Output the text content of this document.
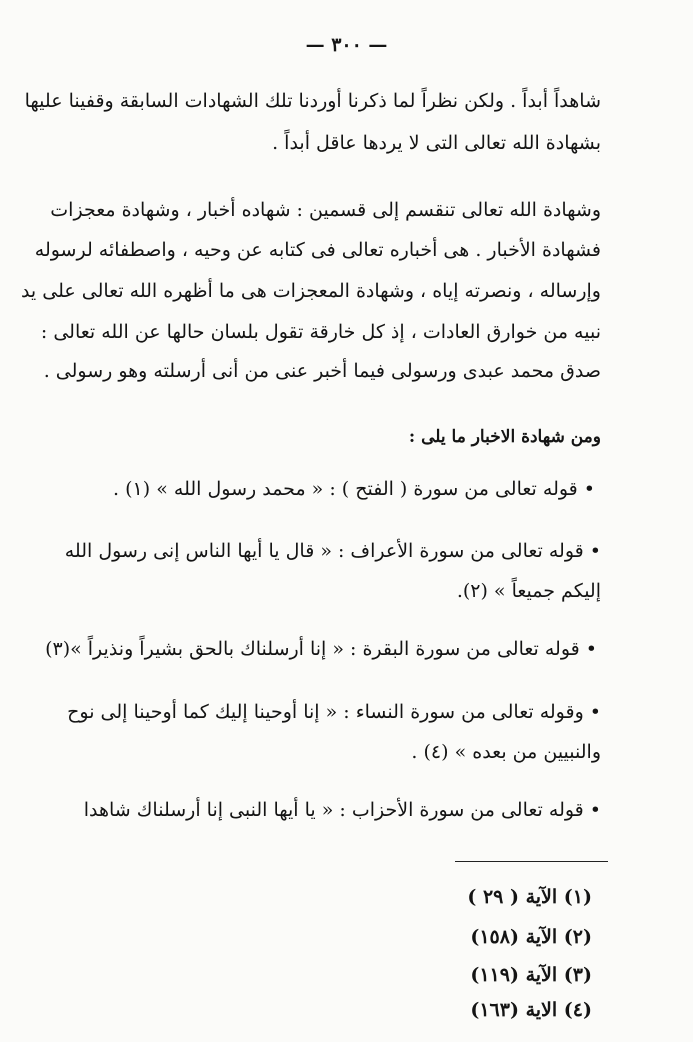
— ٣٠٠ —
شاهداً أبداً . ولكن نظراً لما ذكرنا أوردنا تلك الشهادات السابقة وقفينا عليها
بشهادة الله تعالى التى لا يردها عاقل أبداً .
وشهادة الله تعالى تنقسم إلى قسمين : شهاده أخبار ، وشهادة معجزات
فشهادة الأخبار . هى أخباره تعالى فى كتابه عن وحيه ، واصطفائه لرسوله
وإرساله ، ونصرته إياه ، وشهادة المعجزات هى ما أظهره الله تعالى على يد
نبيه من خوارق العادات ، إذ كل خارقة تقول بلسان حالها عن الله تعالى :
صدق محمد عبدى ورسولى فيما أخبر عنى من أنى أرسلته وهو رسولى .
ومن شهادة الاخبار ما يلى :
• قوله تعالى من سورة ( الفتح ) : « محمد رسول الله » (١) .
• قوله تعالى من سورة الأعراف : « قال يا أيها الناس إنى رسول الله
إليكم جميعاً » (٢).
• قوله تعالى من سورة البقرة : « إنا أرسلناك بالحق بشيراً ونذيراً »(٣)
• وقوله تعالى من سورة النساء : « إنا أوحينا إليك كما أوحينا إلى نوح
والنبيين من بعده » (٤) .
• قوله تعالى من سورة الأحزاب : « يا أيها النبى إنا أرسلناك شاهدا
(١) الآية ( ٢٩ )
(٢) الآية (١٥٨)
(٣) الآية (١١٩)
(٤) الاية (١٦٣)
